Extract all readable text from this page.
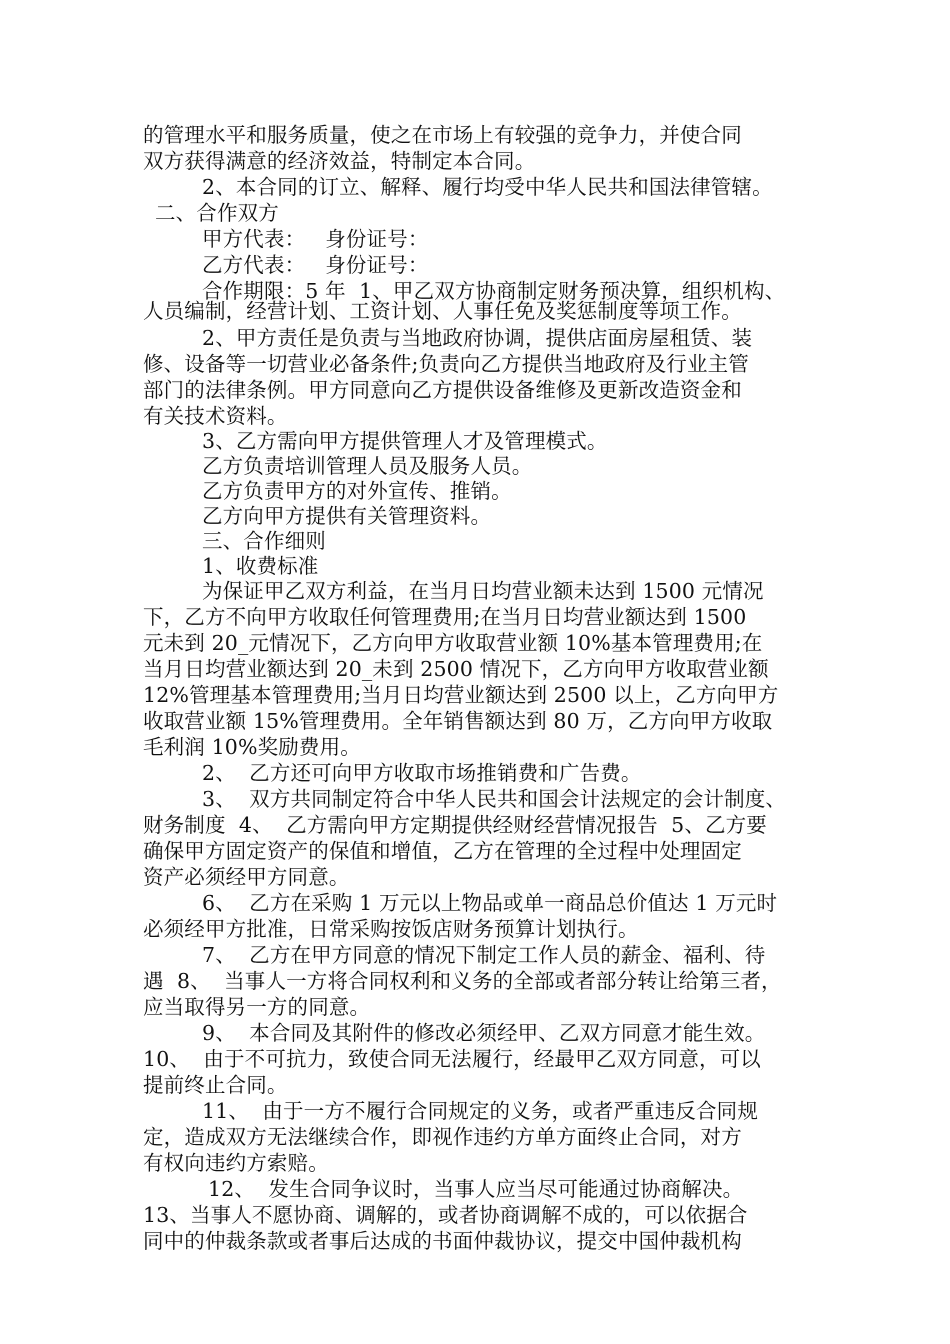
的管理水平和服务质量，使之在市场上有较强的竞争力，并使合同
双方获得满意的经济效益，特制定本合同。
2、本合同的订立、解释、履行均受中华人民共和国法律管辖。
二、合作双方
甲方代表：   身份证号：
乙方代表：   身份证号：
合作期限：5 年  1、甲乙双方协商制定财务预决算，组织机构、
人员编制，经营计划、工资计划、人事任免及奖惩制度等项工作。
2、甲方责任是负责与当地政府协调，提供店面房屋租赁、装
修、设备等一切营业必备条件;负责向乙方提供当地政府及行业主管
部门的法律条例。甲方同意向乙方提供设备维修及更新改造资金和
有关技术资料。
3、乙方需向甲方提供管理人才及管理模式。
乙方负责培训管理人员及服务人员。
乙方负责甲方的对外宣传、推销。
乙方向甲方提供有关管理资料。
三、合作细则
1、收费标准
为保证甲乙双方利益，在当月日均营业额未达到 1500 元情况
下，乙方不向甲方收取任何管理费用;在当月日均营业额达到 1500
元未到 20_元情况下，乙方向甲方收取营业额 10%基本管理费用;在
当月日均营业额达到 20_未到 2500 情况下，乙方向甲方收取营业额
12%管理基本管理费用;当月日均营业额达到 2500 以上，乙方向甲方
收取营业额 15%管理费用。全年销售额达到 80 万，乙方向甲方收取
毛利润 10%奖励费用。
2、  乙方还可向甲方收取市场推销费和广告费。
3、  双方共同制定符合中华人民共和国会计法规定的会计制度、
财务制度  4、  乙方需向甲方定期提供经财经营情况报告  5、乙方要
确保甲方固定资产的保值和增值，乙方在管理的全过程中处理固定
资产必须经甲方同意。
6、  乙方在采购 1 万元以上物品或单一商品总价值达 1 万元时
必须经甲方批准，日常采购按饭店财务预算计划执行。
7、  乙方在甲方同意的情况下制定工作人员的薪金、福利、待
遇  8、  当事人一方将合同权利和义务的全部或者部分转让给第三者，
应当取得另一方的同意。
9、  本合同及其附件的修改必须经甲、乙双方同意才能生效。
10、  由于不可抗力，致使合同无法履行，经最甲乙双方同意，可以
提前终止合同。
11、  由于一方不履行合同规定的义务，或者严重违反合同规
定，造成双方无法继续合作，即视作违约方单方面终止合同，对方
有权向违约方索赔。
12、  发生合同争议时，当事人应当尽可能通过协商解决。
13、当事人不愿协商、调解的，或者协商调解不成的，可以依据合
同中的仲裁条款或者事后达成的书面仲裁协议，提交中国仲裁机构
